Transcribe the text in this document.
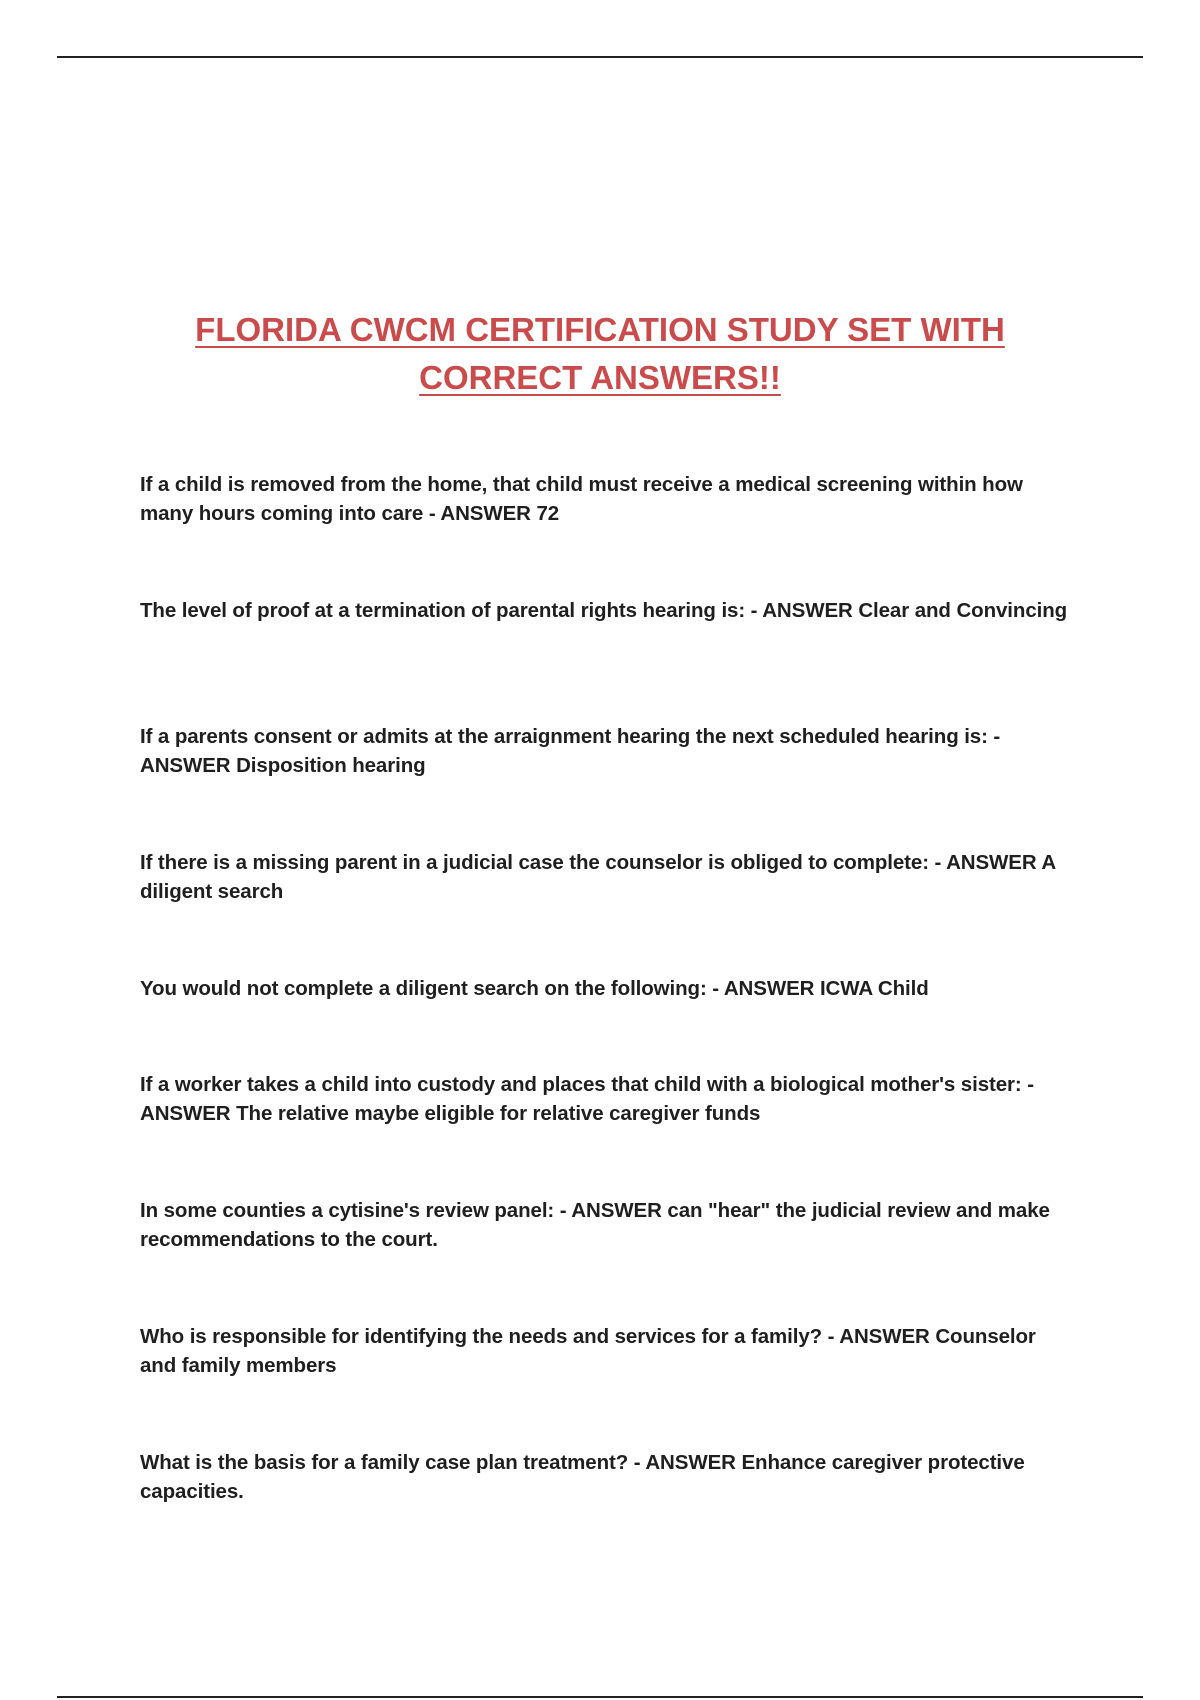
FLORIDA CWCM CERTIFICATION STUDY SET WITH
CORRECT ANSWERS!!
If a child is removed from the home, that child must receive a medical screening within how many hours coming into care - ANSWER 72
The level of proof at a termination of parental rights hearing is: - ANSWER Clear and Convincing
If a parents consent or admits at the arraignment hearing the next scheduled hearing is: - ANSWER Disposition hearing
If there is a missing parent in a judicial case the counselor is obliged to complete: - ANSWER A diligent search
You would not complete a diligent search on the following: - ANSWER ICWA Child
If a worker takes a child into custody and places that child with a biological mother's sister: - ANSWER The relative maybe eligible for relative caregiver funds
In some counties a cytisine's review panel: - ANSWER can "hear" the judicial review and make recommendations to the court.
Who is responsible for identifying the needs and services for a family? - ANSWER Counselor and family members
What is the basis for a family case plan treatment? - ANSWER Enhance caregiver protective capacities.
